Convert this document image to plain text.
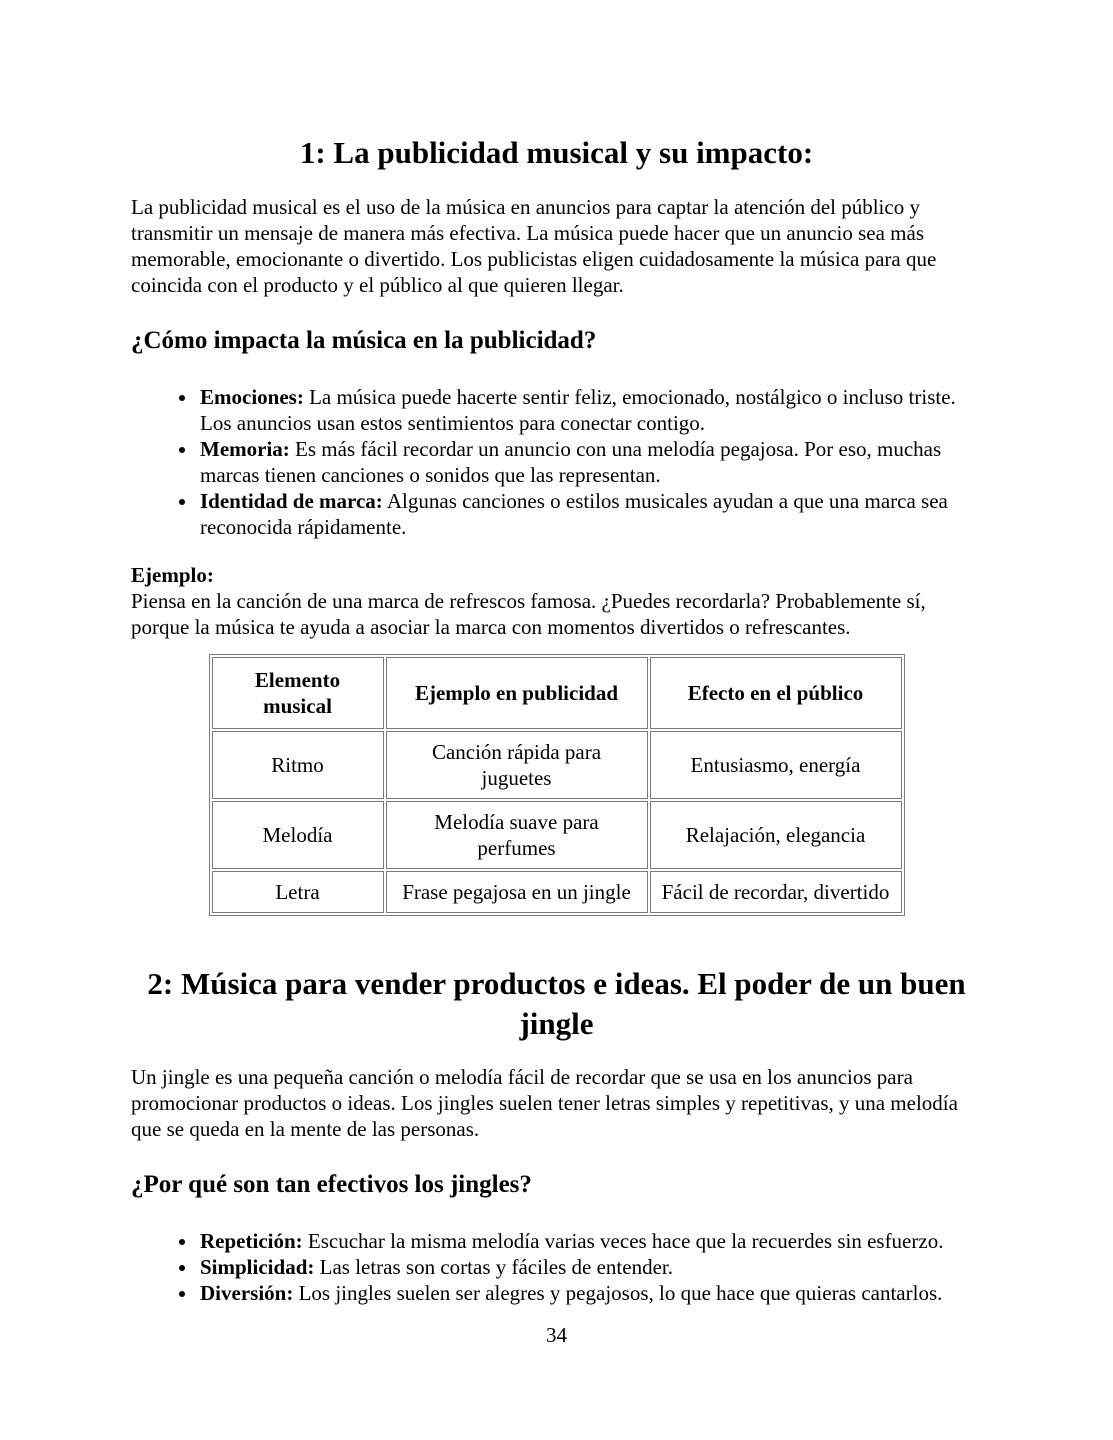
1: La publicidad musical y su impacto:

La publicidad musical es el uso de la música en anuncios para captar la atención del público y transmitir un mensaje de manera más efectiva. La música puede hacer que un anuncio sea más memorable, emocionante o divertido. Los publicistas eligen cuidadosamente la música para que coincida con el producto y el público al que quieren llegar.

¿Cómo impacta la música en la publicidad?
• Emociones: La música puede hacerte sentir feliz, emocionado, nostálgico o incluso triste. Los anuncios usan estos sentimientos para conectar contigo.
• Memoria: Es más fácil recordar un anuncio con una melodía pegajosa. Por eso, muchas marcas tienen canciones o sonidos que las representan.
• Identidad de marca: Algunas canciones o estilos musicales ayudan a que una marca sea reconocida rápidamente.

Ejemplo:
Piensa en la canción de una marca de refrescos famosa. ¿Puedes recordarla? Probablemente sí, porque la música te ayuda a asociar la marca con momentos divertidos o refrescantes.

Elemento musical	Ejemplo en publicidad	Efecto en el público
Ritmo	Canción rápida para juguetes	Entusiasmo, energía
Melodía	Melodía suave para perfumes	Relajación, elegancia
Letra	Frase pegajosa en un jingle	Fácil de recordar, divertido
2: Música para vender productos e ideas. El poder de un buen jingle

Un jingle es una pequeña canción o melodía fácil de recordar que se usa en los anuncios para promocionar productos o ideas. Los jingles suelen tener letras simples y repetitivas, y una melodía que se queda en la mente de las personas.

¿Por qué son tan efectivos los jingles?
• Repetición: Escuchar la misma melodía varias veces hace que la recuerdes sin esfuerzo.
• Simplicidad: Las letras son cortas y fáciles de entender.
• Diversión: Los jingles suelen ser alegres y pegajosos, lo que hace que quieras cantarlos.
34
